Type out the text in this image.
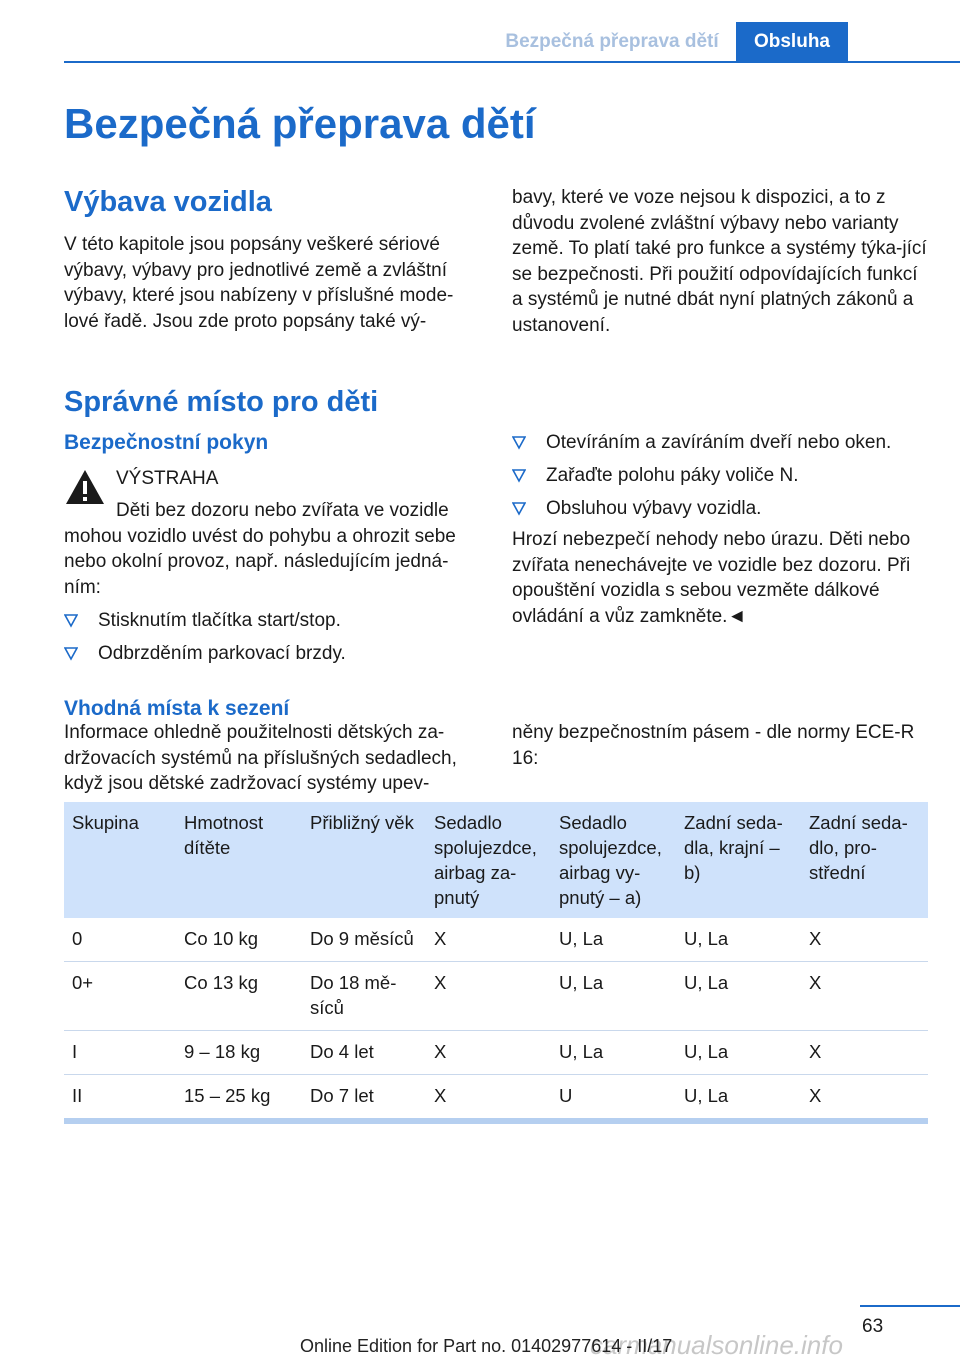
Bezpečná přeprava dětí	Obsluha
Bezpečná přeprava dětí
Výbava vozidla

V této kapitole jsou popsány veškeré sériové výbavy, výbavy pro jednotlivé země a zvláštní výbavy, které jsou nabízeny v příslušné mode-lové řadě. Jsou zde proto popsány také vý-

bavy, které ve voze nejsou k dispozici, a to z důvodu zvolené zvláštní výbavy nebo varianty země. To platí také pro funkce a systémy týka-jící se bezpečnosti. Při použití odpovídajících funkcí a systémů je nutné dbát nyní platných zákonů a ustanovení.

Správné místo pro děti
Bezpečnostní pokyn
VÝSTRAHA

Děti bez dozoru nebo zvířata ve vozidle mohou vozidlo uvést do pohybu a ohrozit sebe nebo okolní provoz, např. následujícím jedná-ním:

Stisknutím tlačítka start/stop.
Odbrzděním parkovací brzdy.
Otevíráním a zavíráním dveří nebo oken.
Zařaďte polohu páky voliče N.
Obsluhou výbavy vozidla.

Hrozí nebezpečí nehody nebo úrazu. Děti nebo zvířata nenechávejte ve vozidle bez dozoru. Při opouštění vozidla s sebou vezměte dálkové ovládání a vůz zamkněte.◄

Vhodná místa k sezení

Informace ohledně použitelnosti dětských za-držovacích systémů na příslušných sedadlech, když jsou dětské zadržovací systémy upev-

něny bezpečnostním pásem - dle normy ECE-R 16:

Skupina	Hmotnost dítěte	Přibližný věk	Sedadlo spolujezdce, airbag za-pnutý	Sedadlo spolujezdce, airbag vy-pnutý – a)	Zadní seda-dla, krajní – b)	Zadní seda-dlo, pro-střední
0	Co 10 kg	Do 9 měsíců	X	U, La	U, La	X
0+	Co 13 kg	Do 18 mě-síců	X	U, La	U, La	X
I	9 – 18 kg	Do 4 let	X	U, La	U, La	X
II	15 – 25 kg	Do 7 let	X	U	U, La	X
63
carmanualsonline.info
Online Edition for Part no. 01402977614 - II/17
